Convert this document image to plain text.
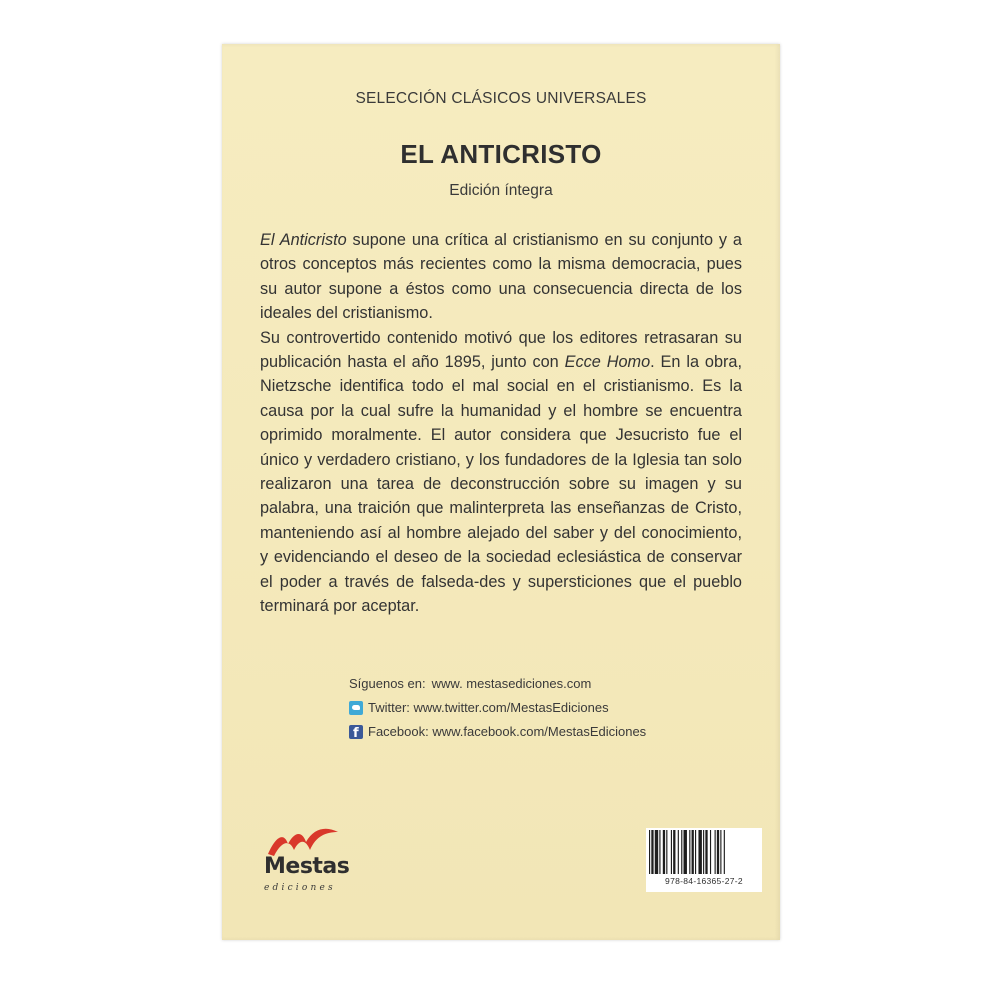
SELECCIÓN CLÁSICOS UNIVERSALES
EL ANTICRISTO
Edición íntegra

El Anticristo supone una crítica al cristianismo en su conjunto y a otros conceptos más recientes como la misma democracia, pues su autor supone a éstos como una consecuencia directa de los ideales del cristianismo.

Su controvertido contenido motivó que los editores retrasaran su publicación hasta el año 1895, junto con Ecce Homo. En la obra, Nietzsche identifica todo el mal social en el cristianismo. Es la causa por la cual sufre la humanidad y el hombre se encuentra oprimido moralmente. El autor considera que Jesucristo fue el único y verdadero cristiano, y los fundadores de la Iglesia tan solo realizaron una tarea de deconstrucción sobre su imagen y su palabra, una traición que malinterpreta las enseñanzas de Cristo, manteniendo así al hombre alejado del saber y del conocimiento, y evidenciando el deseo de la sociedad eclesiástica de conservar el poder a través de falseda-des y supersticiones que el pueblo terminará por aceptar.

Síguenos en: www. mestasediciones.com
Twitter: www.twitter.com/MestasEdiciones
f
Facebook: www.facebook.com/MestasEdiciones
Mestas
ediciones
978-84-16365-27-2
